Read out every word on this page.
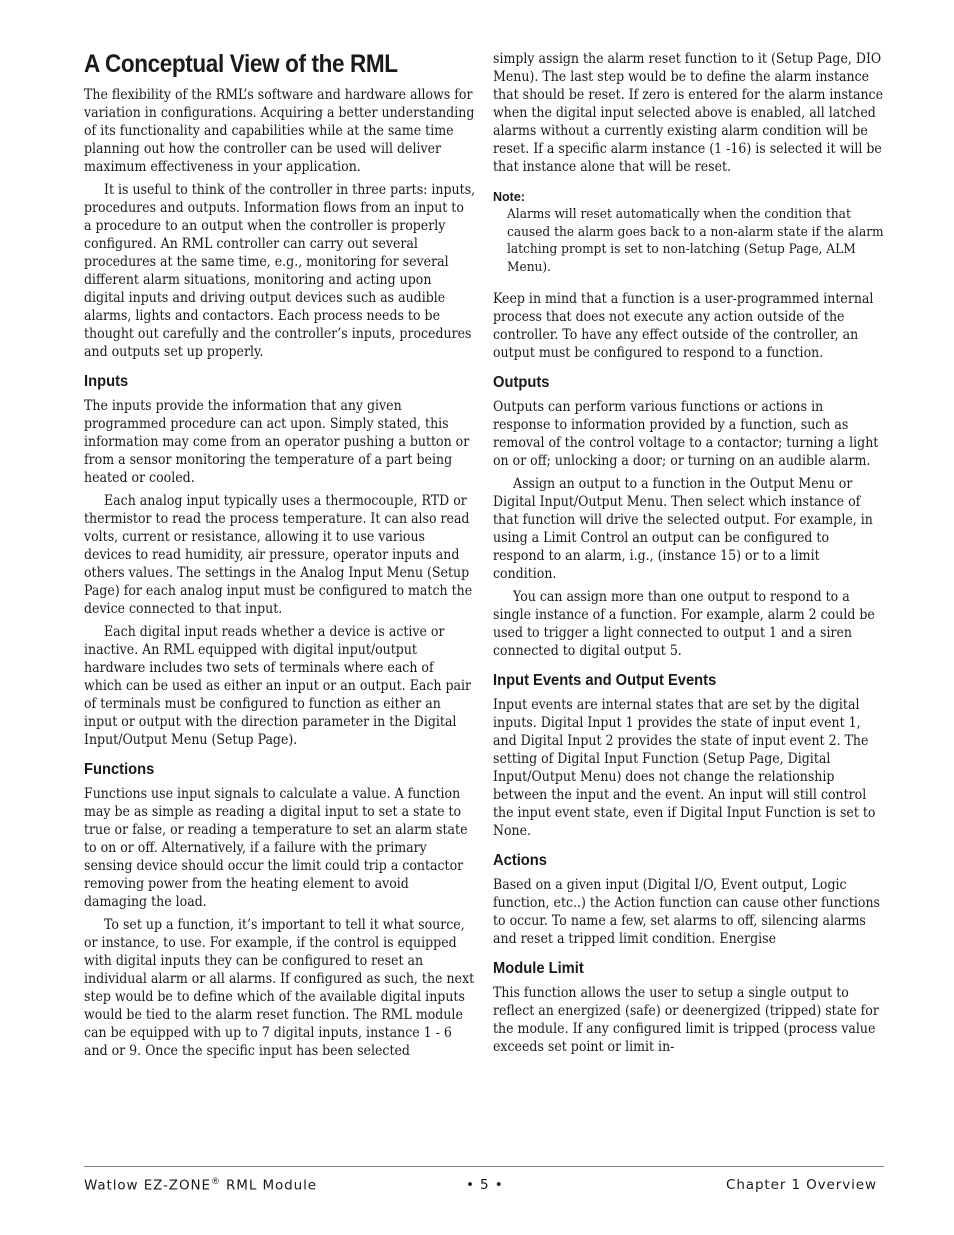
A Conceptual View of the RML

The flexibility of the RML’s software and hardware allows for variation in configurations. Acquiring a better understanding of its functionality and capabilities while at the same time planning out how the controller can be used will deliver maximum effectiveness in your application.

It is useful to think of the controller in three parts: inputs, procedures and outputs. Information flows from an input to a procedure to an output when the controller is properly configured. An RML controller can carry out several procedures at the same time, e.g., monitoring for several different alarm situations, monitoring and acting upon digital inputs and driving output devices such as audible alarms, lights and contactors. Each process needs to be thought out carefully and the controller’s inputs, procedures and outputs set up properly.

Inputs

The inputs provide the information that any given programmed procedure can act upon. Simply stated, this information may come from an operator pushing a button or from a sensor monitoring the temperature of a part being heated or cooled.

Each analog input typically uses a thermocouple, RTD or thermistor to read the process temperature. It can also read volts, current or resistance, allowing it to use various devices to read humidity, air pressure, operator inputs and others values. The settings in the Analog Input Menu (Setup Page) for each analog input must be configured to match the device connected to that input.

Each digital input reads whether a device is active or inactive. An RML equipped with digital input/output hardware includes two sets of terminals where each of which can be used as either an input or an output. Each pair of terminals must be configured to function as either an input or output with the direction parameter in the Digital Input/Output Menu (Setup Page).

Functions

Functions use input signals to calculate a value. A function may be as simple as reading a digital input to set a state to true or false, or reading a temperature to set an alarm state to on or off. Alternatively, if a failure with the primary sensing device should occur the limit could trip a contactor removing power from the heating element to avoid damaging the load.

To set up a function, it’s important to tell it what source, or instance, to use. For example, if the control is equipped with digital inputs they can be configured to reset an individual alarm or all alarms. If configured as such, the next step would be to define which of the available digital inputs would be tied to the alarm reset function. The RML module can be equipped with up to 7 digital inputs, instance 1 - 6 and or 9. Once the specific input has been selected

simply assign the alarm reset function to it (Setup Page, DIO Menu). The last step would be to define the alarm instance that should be reset. If zero is entered for the alarm instance when the digital input selected above is enabled, all latched alarms without a currently existing alarm condition will be reset. If a specific alarm instance (1 -16) is selected it will be that instance alone that will be reset.

Note:

Alarms will reset automatically when the condition that caused the alarm goes back to a non-alarm state if the alarm latching prompt is set to non-latching (Setup Page, ALM Menu).

Keep in mind that a function is a user-programmed internal process that does not execute any action outside of the controller. To have any effect outside of the controller, an output must be configured to respond to a function.

Outputs

Outputs can perform various functions or actions in response to information provided by a function, such as removal of the control voltage to a contactor; turning a light on or off; unlocking a door; or turning on an audible alarm.

Assign an output to a function in the Output Menu or Digital Input/Output Menu. Then select which instance of that function will drive the selected output. For example, in using a Limit Control an output can be configured to respond to an alarm, i.g., (instance 15) or to a limit condition.

You can assign more than one output to respond to a single instance of a function. For example, alarm 2 could be used to trigger a light connected to output 1 and a siren connected to digital output 5.

Input Events and Output Events

Input events are internal states that are set by the digital inputs. Digital Input 1 provides the state of input event 1, and Digital Input 2 provides the state of input event 2. The setting of Digital Input Function (Setup Page, Digital Input/Output Menu) does not change the relationship between the input and the event. An input will still control the input event state, even if Digital Input Function is set to None.

Actions

Based on a given input (Digital I/O, Event output, Logic function, etc..) the Action function can cause other functions to occur. To name a few, set alarms to off, silencing alarms and reset a tripped limit condition. Energise

Module Limit

This function allows the user to setup a single output to reflect an energized (safe) or deenergized (tripped) state for the module. If any configured limit is tripped (process value exceeds set point or limit in-

Watlow EZ-ZONE® RML Module	• 5 •	Chapter 1 Overview
